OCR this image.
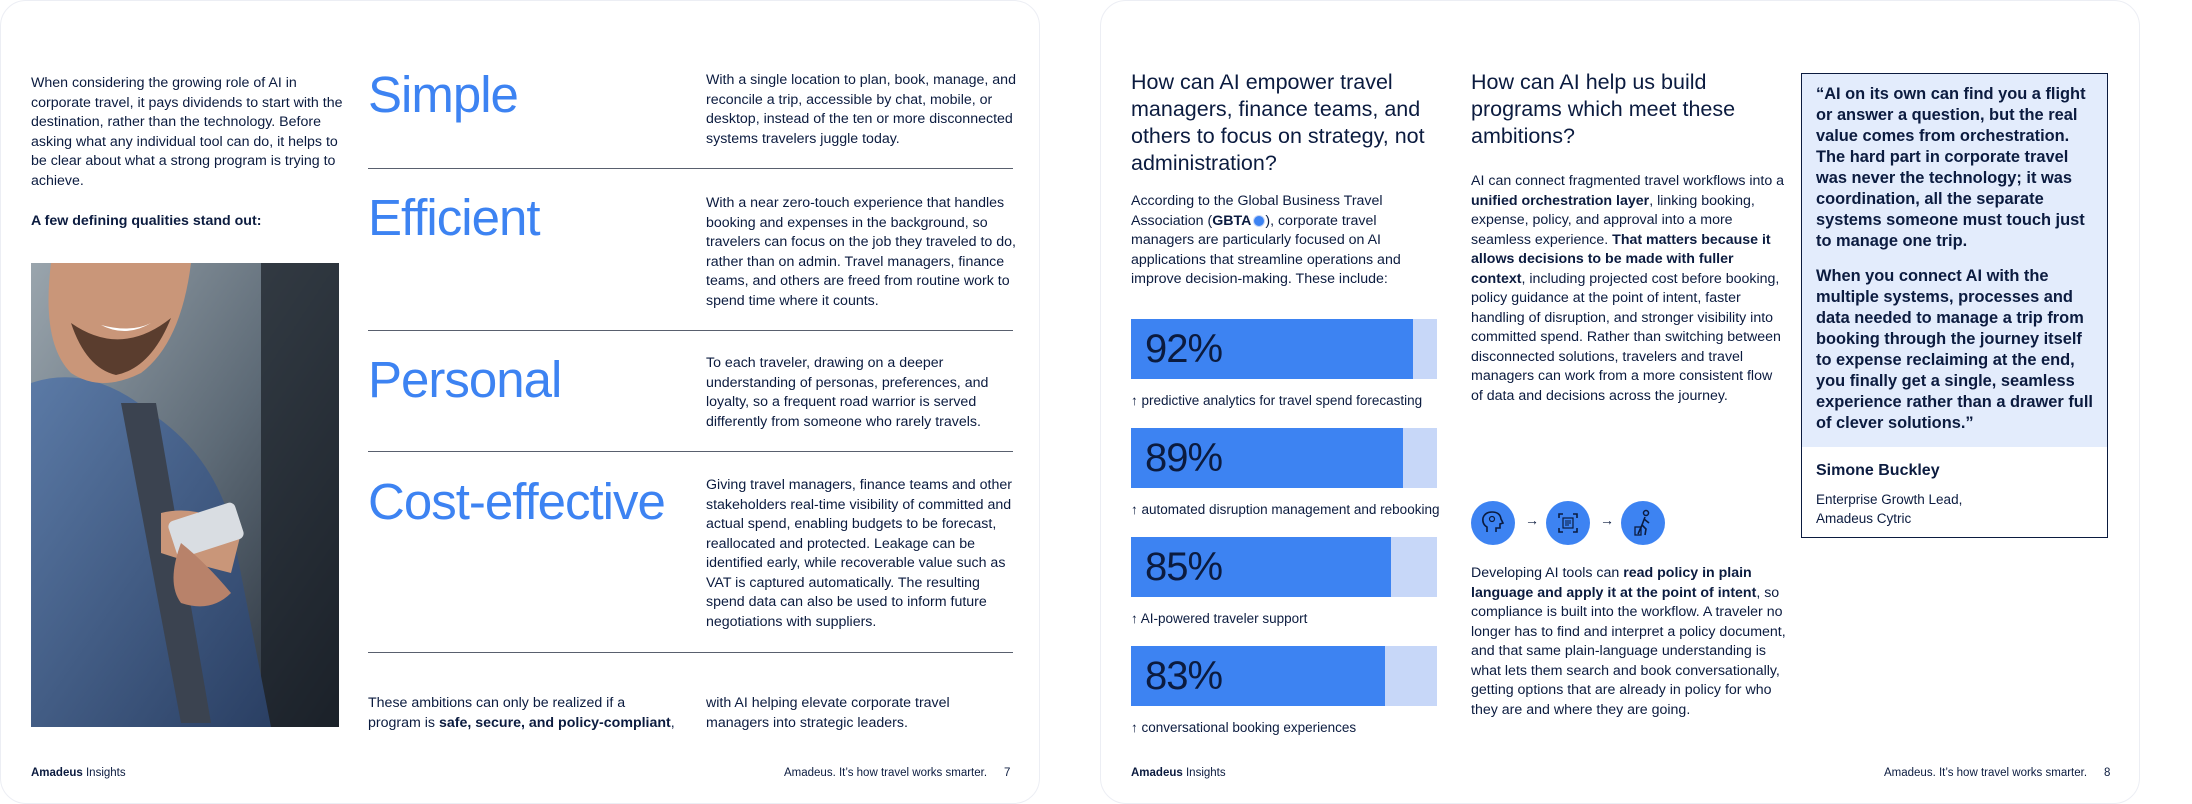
When considering the growing role of AI in corporate travel, it pays dividends to start with the destination, rather than the technology. Before asking what any individual tool can do, it helps to be clear about what a strong program is trying to achieve.
A few defining qualities stand out:
Simple	With a single location to plan, book, manage, and reconcile a trip, accessible by chat, mobile, or desktop, instead of the ten or more disconnected systems travelers juggle today.
Efficient	With a near zero-touch experience that handles booking and expenses in the background, so travelers can focus on the job they traveled to do, rather than on admin. Travel managers, finance teams, and others are freed from routine work to spend time where it counts.
Personal	To each traveler, drawing on a deeper understanding of personas, preferences, and loyalty, so a frequent road warrior is served differently from someone who rarely travels.
Cost-effective	Giving travel managers, finance teams and other stakeholders real-time visibility of committed and actual spend, enabling budgets to be forecast, reallocated and protected. Leakage can be identified early, while recoverable value such as VAT is captured automatically. The resulting spend data can also be used to inform future negotiations with suppliers.
These ambitions can only be realized if a program is safe, secure, and policy-compliant,
with AI helping elevate corporate travel managers into strategic leaders.
Amadeus Insights	Amadeus. It’s how travel works smarter. 7
How can AI empower travel managers, finance teams, and others to focus on strategy, not administration?
According to the Global Business Travel Association (GBTA ), corporate travel managers are particularly focused on AI applications that streamline operations and improve decision-making. These include:
92%
↑ predictive analytics for travel spend forecasting
89%
↑ automated disruption management and rebooking
85%
↑ AI-powered traveler support
83%
↑ conversational booking experiences
How can AI help us build programs which meet these ambitions?
AI can connect fragmented travel workflows into a unified orchestration layer, linking booking, expense, policy, and approval into a more seamless experience. That matters because it allows decisions to be made with fuller context, including projected cost before booking, policy guidance at the point of intent, faster handling of disruption, and stronger visibility into committed spend. Rather than switching between disconnected solutions, travelers and travel managers can work from a more consistent flow of data and decisions across the journey.
→	→
Developing AI tools can read policy in plain language and apply it at the point of intent, so compliance is built into the workflow. A traveler no longer has to find and interpret a policy document, and that same plain-language understanding is what lets them search and book conversationally, getting options that are already in policy for who they are and where they are going.
“AI on its own can find you a flight or answer a question, but the real value comes from orchestration. The hard part in corporate travel was never the technology; it was coordination, all the separate systems someone must touch just to manage one trip.
When you connect AI with the multiple systems, processes and data needed to manage a trip from booking through the journey itself to expense reclaiming at the end, you finally get a single, seamless experience rather than a drawer full of clever solutions.”
Simone Buckley
Enterprise Growth Lead,
Amadeus Cytric
Amadeus Insights	Amadeus. It’s how travel works smarter. 8
